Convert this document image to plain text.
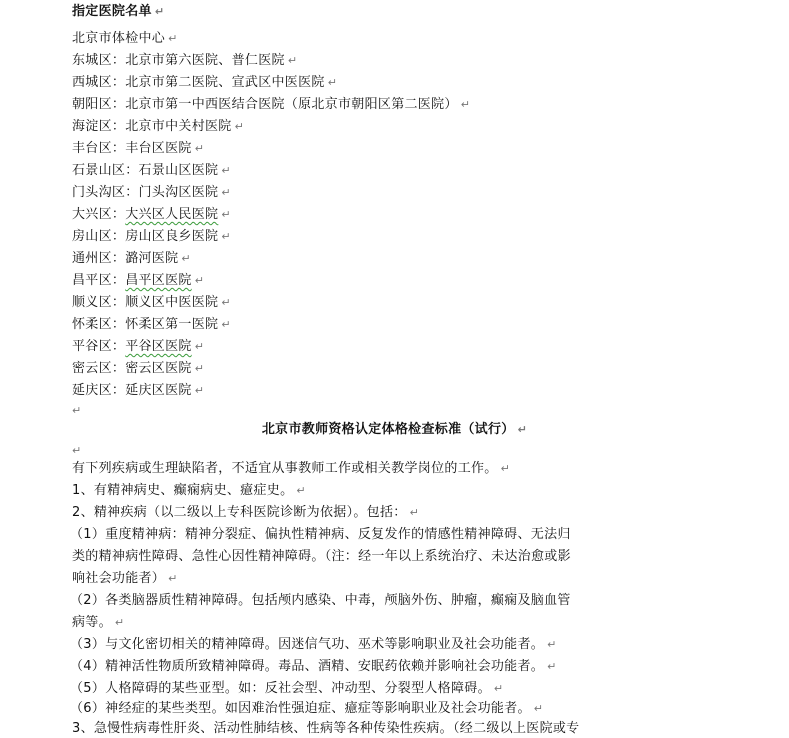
指定医院名单 ↵
北京市体检中心 ↵
东城区：北京市第六医院、普仁医院 ↵
西城区：北京市第二医院、宣武区中医医院 ↵
朝阳区：北京市第一中西医结合医院（原北京市朝阳区第二医院） ↵
海淀区：北京市中关村医院 ↵
丰台区：丰台区医院 ↵
石景山区：石景山区医院 ↵
门头沟区：门头沟区医院 ↵
大兴区：大兴区人民医院 ↵
房山区：房山区良乡医院 ↵
通州区：潞河医院 ↵
昌平区：昌平区医院 ↵
顺义区：顺义区中医医院 ↵
怀柔区：怀柔区第一医院 ↵
平谷区：平谷区医院 ↵
密云区：密云区医院 ↵
延庆区：延庆区医院 ↵
↵
北京市教师资格认定体格检查标准（试行） ↵
↵
有下列疾病或生理缺陷者，不适宜从事教师工作或相关教学岗位的工作。 ↵
1、有精神病史、癫痫病史、癔症史。 ↵
2、精神疾病（以二级以上专科医院诊断为依据）。包括： ↵
（1）重度精神病：精神分裂症、偏执性精神病、反复发作的情感性精神障碍、无法归
类的精神病性障碍、急性心因性精神障碍。（注：经一年以上系统治疗、未达治愈或影
响社会功能者） ↵
（2）各类脑器质性精神障碍。包括颅内感染、中毒，颅脑外伤、肿瘤，癫痫及脑血管
病等。 ↵
（3）与文化密切相关的精神障碍。因迷信气功、巫术等影响职业及社会功能者。 ↵
（4）精神活性物质所致精神障碍。毒品、酒精、安眠药依赖并影响社会功能者。 ↵
（5）人格障碍的某些亚型。如：反社会型、冲动型、分裂型人格障碍。 ↵
（6）神经症的某些类型。如因难治性强迫症、癔症等影响职业及社会功能者。 ↵
3、急慢性病毒性肝炎、活动性肺结核、性病等各种传染性疾病。（经二级以上医院或专
